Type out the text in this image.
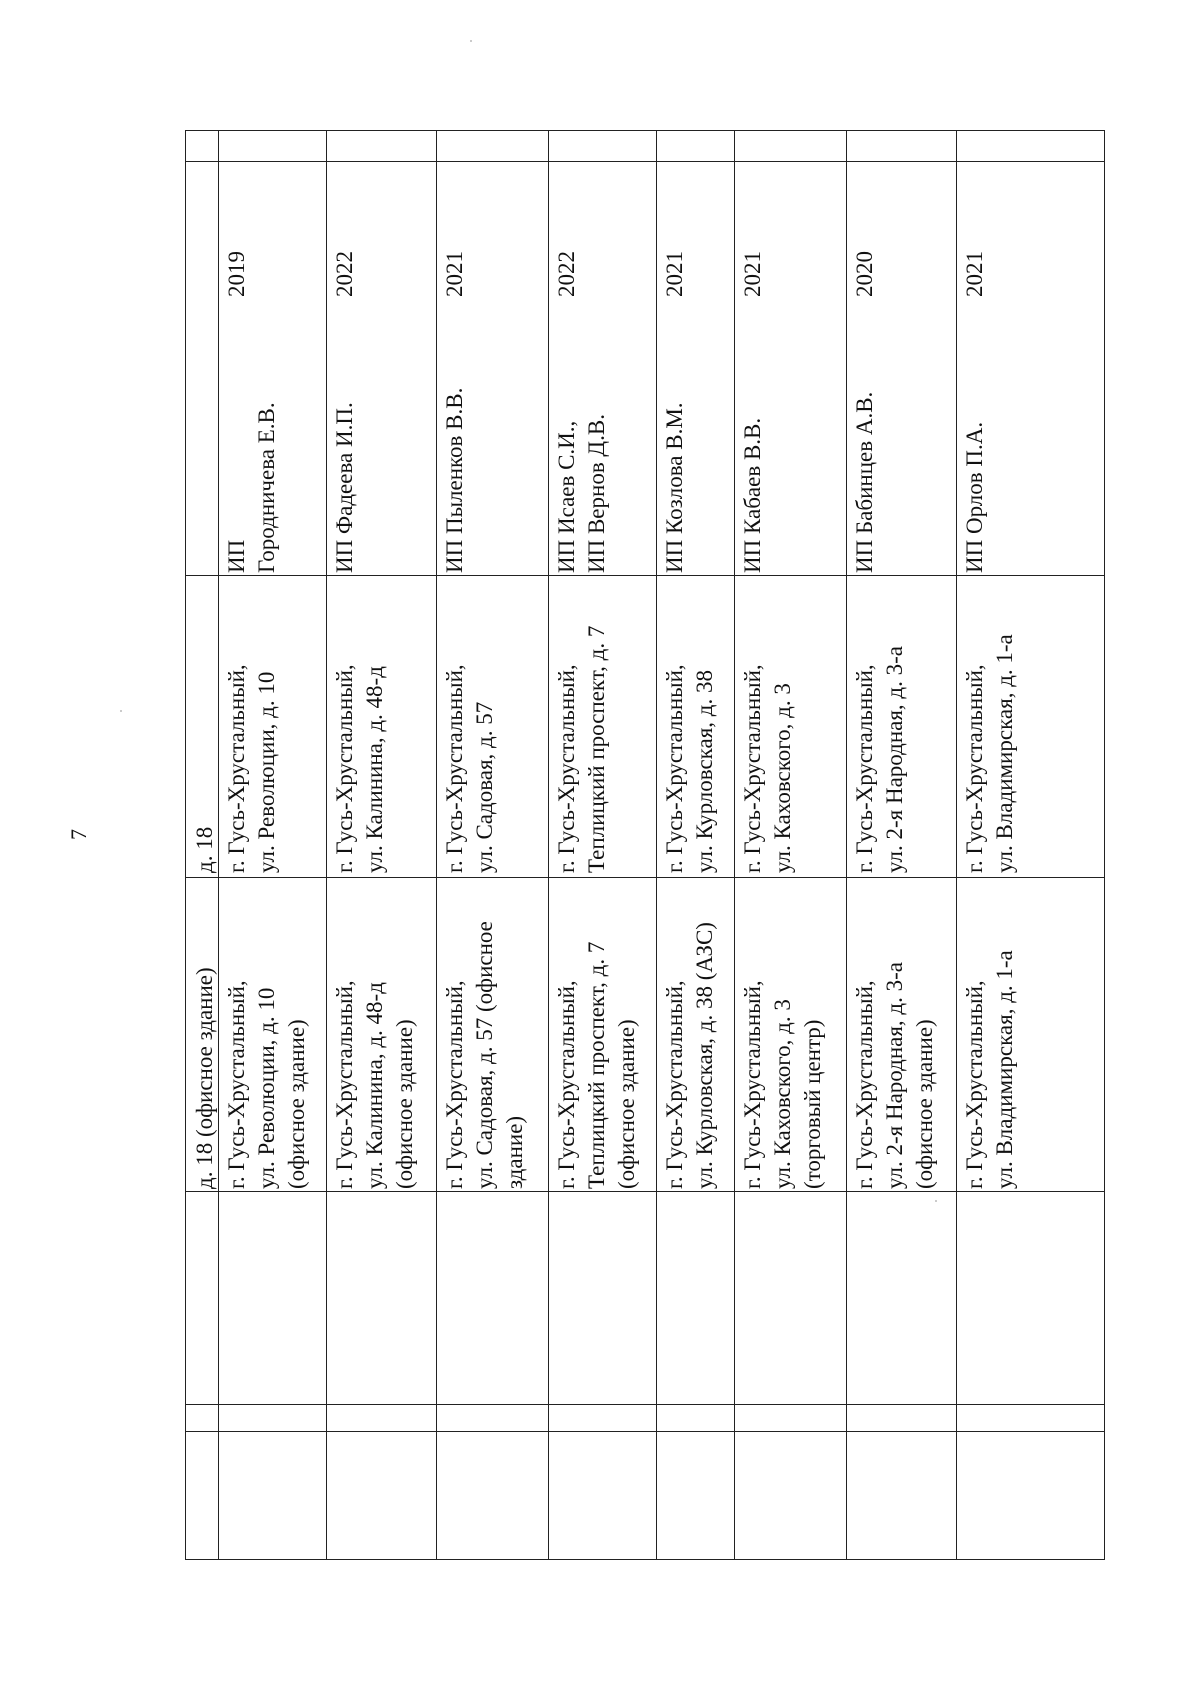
7
д. 18 (офисное здание)
д. 18
г. Гусь-Хрустальный, ул. Революции, д. 10 (офисное здание)
г. Гусь-Хрустальный, ул. Революции, д. 10
ИП Городничева Е.В.
2019
г. Гусь-Хрустальный, ул. Калинина, д. 48-д (офисное здание)
г. Гусь-Хрустальный, ул. Калинина, д. 48-д
ИП Фадеева И.П.
2022
г. Гусь-Хрустальный, ул. Садовая, д. 57 (офисное здание)
г. Гусь-Хрустальный, ул. Садовая, д. 57
ИП Пыленков В.В.
2021
г. Гусь-Хрустальный, Теплицкий проспект, д. 7 (офисное здание)
г. Гусь-Хрустальный, Теплицкий проспект, д. 7
ИП Исаев С.И., ИП Вернов Д.В.
2022
г. Гусь-Хрустальный, ул. Курловская, д. 38 (АЗС)
г. Гусь-Хрустальный, ул. Курловская, д. 38
ИП Козлова В.М.
2021
г. Гусь-Хрустальный, ул. Каховского, д. 3 (торговый центр)
г. Гусь-Хрустальный, ул. Каховского, д. 3
ИП Кабаев В.В.
2021
г. Гусь-Хрустальный, ул. 2-я Народная, д. 3-а (офисное здание)
г. Гусь-Хрустальный, ул. 2-я Народная, д. 3-а
ИП Бабинцев А.В.
2020
г. Гусь-Хрустальный, ул. Владимирская, д. 1-а
г. Гусь-Хрустальный, ул. Владимирская, д. 1-а
ИП Орлов П.А.
2021
